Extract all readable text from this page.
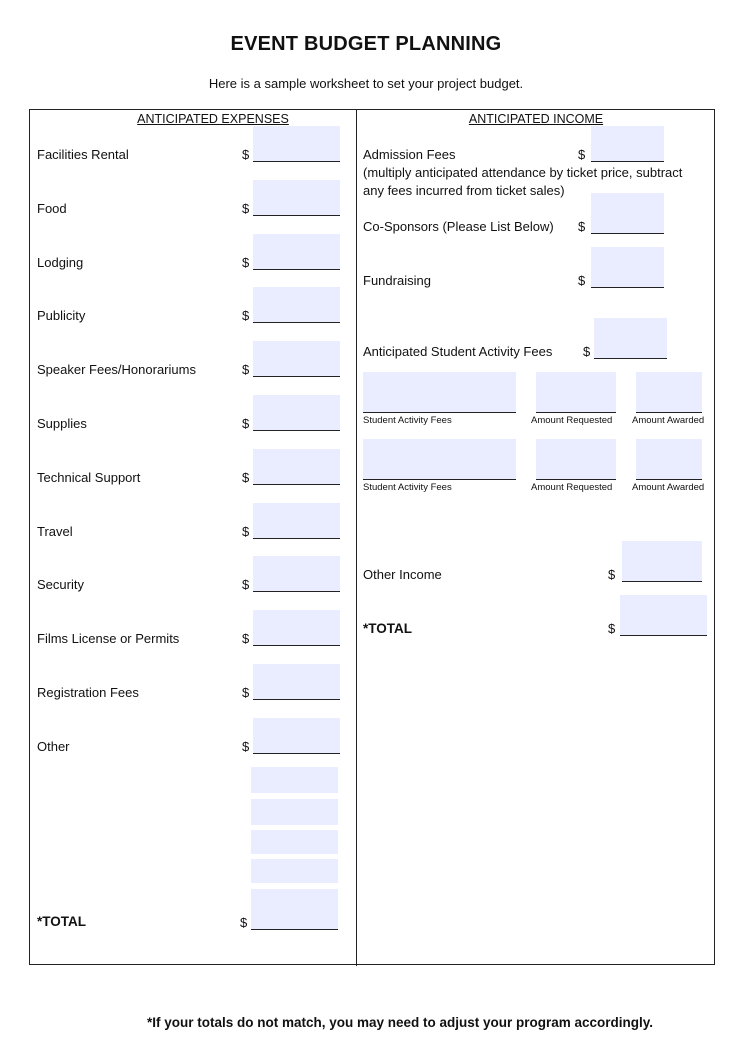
EVENT BUDGET PLANNING
Here is a sample worksheet to set your project budget.
ANTICIPATED EXPENSES
Facilities Rental	$
Food	$
Lodging	$
Publicity	$
Speaker Fees/Honorariums	$
Supplies	$
Technical Support	$
Travel	$
Security	$
Films License or Permits	$
Registration Fees	$
Other	$
*TOTAL	$
ANTICIPATED INCOME
Admission Fees	$
(multiply anticipated attendance by ticket price, subtract
any fees incurred from ticket sales)
Co-Sponsors (Please List Below) $
Fundraising	$
Anticipated Student Activity Fees $
Student Activity Fees	Amount Requested Amount Awarded
Student Activity Fees	Amount Requested Amount Awarded
Other Income	$
*TOTAL	$
*If your totals do not match, you may need to adjust your program accordingly.
